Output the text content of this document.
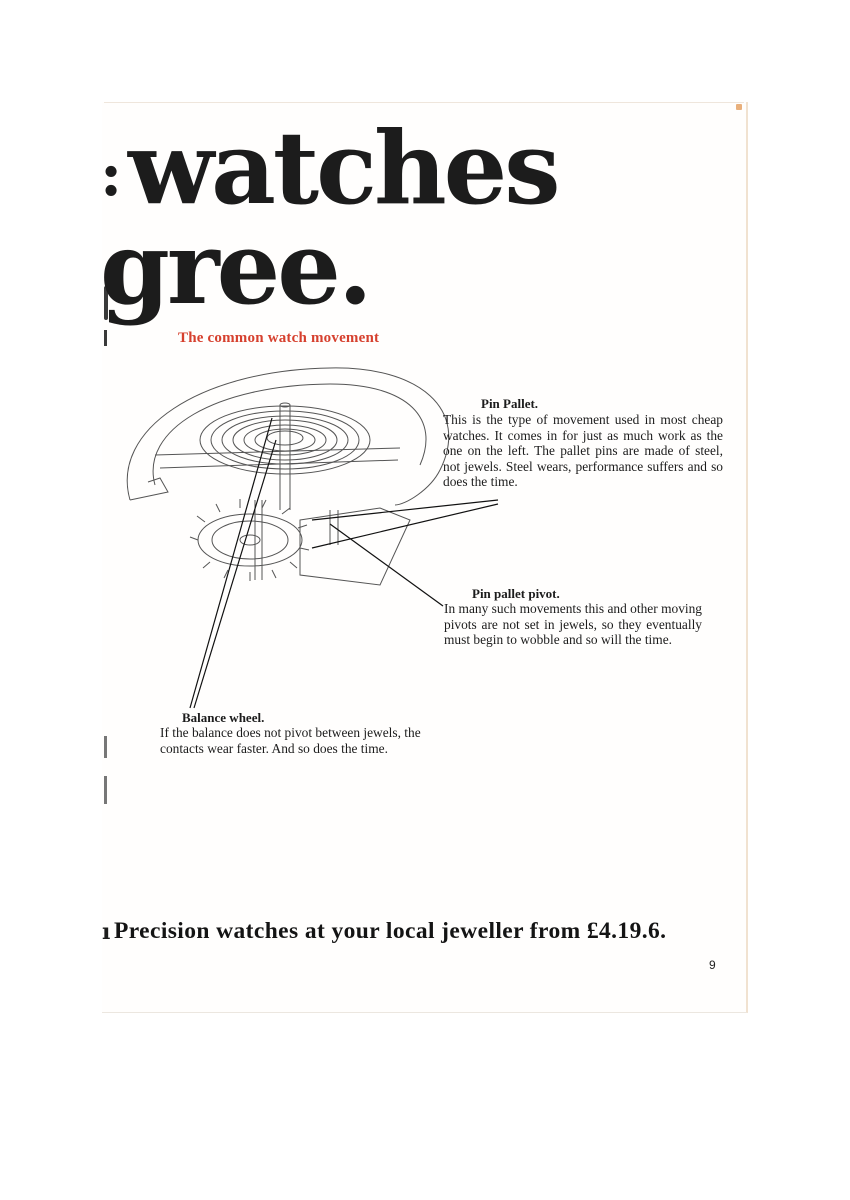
: watches
gree.
The common watch movement
Pin Pallet.
This is the type of movement used in most cheap watches. It comes in for just as much work as the one on the left. The pallet pins are made of steel, not jewels. Steel wears, performance suffers and so does the time.
Pin pallet pivot.
In many such movements this and other moving pivots are not set in jewels, so they eventually must begin to wobble and so will the time.
Balance wheel.
If the balance does not pivot between jewels, the contacts wear faster. And so does the time.
ı Precision watches at your local jeweller from £4.19.6.
9
